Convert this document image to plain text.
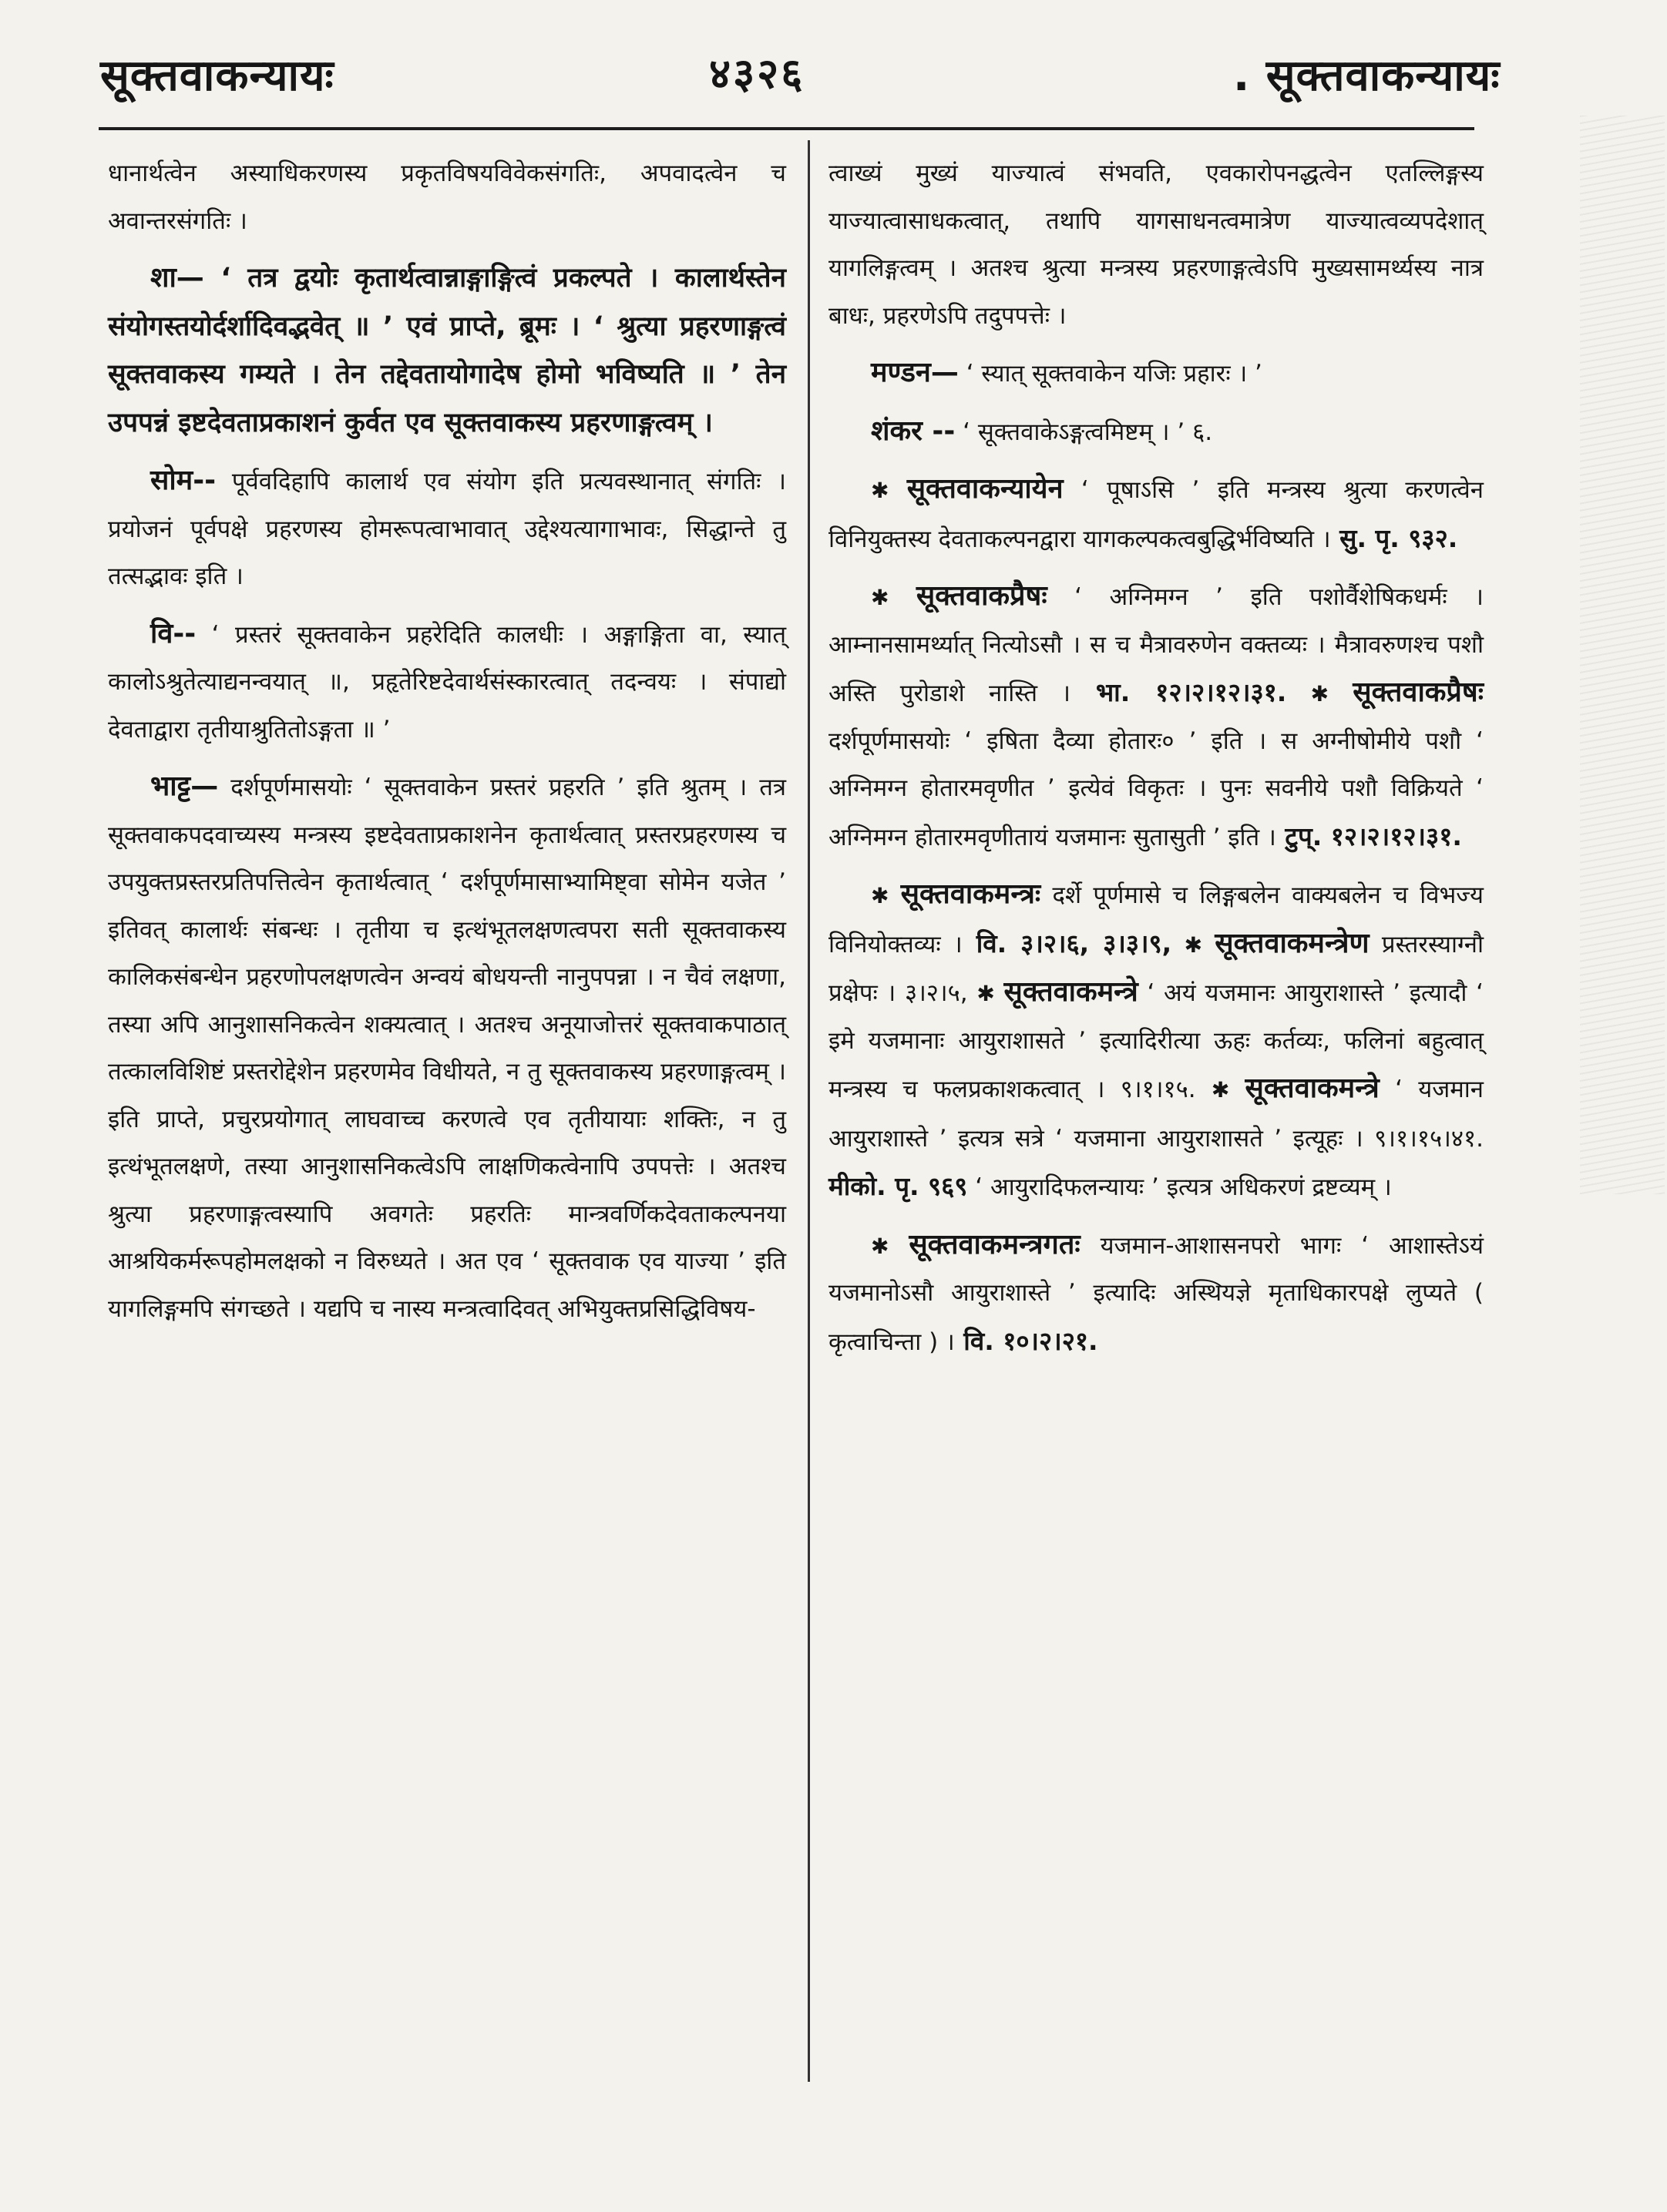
सूक्तवाकन्यायः	४३२६	. सूक्तवाकन्यायः

धानार्थत्वेन अस्याधिकरणस्य प्रकृतविषयविवेकसंगतिः, अपवादत्वेन च अवान्तरसंगतिः ।

शा— ‘ तत्र द्वयोः कृतार्थत्वान्नाङ्गाङ्गित्वं प्रकल्पते । कालार्थस्तेन संयोगस्तयोर्दर्शादिवद्भवेत् ॥ ’ एवं प्राप्ते, ब्रूमः । ‘ श्रुत्या प्रहरणाङ्गत्वं सूक्तवाकस्य गम्यते । तेन तद्देवतायोगादेष होमो भविष्यति ॥ ’ तेन उपपन्नं इष्टदेवताप्रकाशनं कुर्वत एव सूक्तवाकस्य प्रहरणाङ्गत्वम् ।

सोम-- पूर्ववदिहापि कालार्थ एव संयोग इति प्रत्यवस्थानात् संगतिः । प्रयोजनं पूर्वपक्षे प्रहरणस्य होमरूपत्वाभावात् उद्देश्यत्यागाभावः, सिद्धान्ते तु तत्सद्भावः इति ।

वि-- ‘ प्रस्तरं सूक्तवाकेन प्रहरेदिति कालधीः । अङ्गाङ्गिता वा, स्यात् कालोऽश्रुतेत्याद्यनन्वयात् ॥, प्रहृतेरिष्टदेवार्थसंस्कारत्वात् तदन्वयः । संपाद्यो देवताद्वारा तृतीयाश्रुतितोऽङ्गता ॥ ’

भाट्ट— दर्शपूर्णमासयोः ‘ सूक्तवाकेन प्रस्तरं प्रहरति ’ इति श्रुतम् । तत्र सूक्तवाकपदवाच्यस्य मन्त्रस्य इष्टदेवताप्रकाशनेन कृतार्थत्वात् प्रस्तरप्रहरणस्य च उपयुक्तप्रस्तरप्रतिपत्तित्वेन कृतार्थत्वात् ‘ दर्शपूर्णमासाभ्यामिष्ट्वा सोमेन यजेत ’ इतिवत् कालार्थः संबन्धः । तृतीया च इत्थंभूतलक्षणत्वपरा सती सूक्तवाकस्य कालिकसंबन्धेन प्रहरणोपलक्षणत्वेन अन्वयं बोधयन्ती नानुपपन्ना । न चैवं लक्षणा, तस्या अपि आनुशासनिकत्वेन शक्यत्वात् । अतश्च अनूयाजोत्तरं सूक्तवाकपाठात् तत्कालविशिष्टं प्रस्तरोद्देशेन प्रहरणमेव विधीयते, न तु सूक्तवाकस्य प्रहरणाङ्गत्वम् । इति प्राप्ते, प्रचुरप्रयोगात् लाघवाच्च करणत्वे एव तृतीयायाः शक्तिः, न तु इत्थंभूतलक्षणे, तस्या आनुशासनिकत्वेऽपि लाक्षणिकत्वेनापि उपपत्तेः । अतश्च श्रुत्या प्रहरणाङ्गत्वस्यापि अवगतेः प्रहरतिः मान्त्रवर्णिकदेवताकल्पनया आश्रयिकर्मरूपहोमलक्षको न विरुध्यते । अत एव ‘ सूक्तवाक एव याज्या ’ इति यागलिङ्गमपि संगच्छते । यद्यपि च नास्य मन्त्रत्वादिवत् अभियुक्तप्रसिद्धिविषय-

त्वाख्यं मुख्यं याज्यात्वं संभवति, एवकारोपनद्धत्वेन एतल्लिङ्गस्य याज्यात्वासाधकत्वात्, तथापि यागसाधनत्वमात्रेण याज्यात्वव्यपदेशात् यागलिङ्गत्वम् । अतश्च श्रुत्या मन्त्रस्य प्रहरणाङ्गत्वेऽपि मुख्यसामर्थ्यस्य नात्र बाधः, प्रहरणेऽपि तदुपपत्तेः ।

मण्डन— ‘ स्यात् सूक्तवाकेन यजिः प्रहारः । ’

शंकर -- ‘ सूक्तवाकेऽङ्गत्वमिष्टम् । ’ ६.

✱ सूक्तवाकन्यायेन ‘ पूषाऽसि ’ इति मन्त्रस्य श्रुत्या करणत्वेन विनियुक्तस्य देवताकल्पनद्वारा यागकल्पकत्वबुद्धिर्भविष्यति । सु. पृ. ९३२.

✱ सूक्तवाकप्रैषः ‘ अग्निमग्न ’ इति पशोर्वैशेषिकधर्मः । आम्नानसामर्थ्यात् नित्योऽसौ । स च मैत्रावरुणेन वक्तव्यः । मैत्रावरुणश्च पशौ अस्ति पुरोडाशे नास्ति । भा. १२।२।१२।३१. ✱ सूक्तवाकप्रैषः दर्शपूर्णमासयोः ‘ इषिता दैव्या होतारः० ’ इति । स अग्नीषोमीये पशौ ‘ अग्निमग्न होतारमवृणीत ’ इत्येवं विकृतः । पुनः सवनीये पशौ विक्रियते ‘ अग्निमग्न होतारमवृणीतायं यजमानः सुतासुती ’ इति । टुप्. १२।२।१२।३१.

✱ सूक्तवाकमन्त्रः दर्शे पूर्णमासे च लिङ्गबलेन वाक्यबलेन च विभज्य विनियोक्तव्यः । वि. ३।२।६, ३।३।९, ✱ सूक्तवाकमन्त्रेण प्रस्तरस्याग्नौ प्रक्षेपः । ३।२।५, ✱ सूक्तवाकमन्त्रे ‘ अयं यजमानः आयुराशास्ते ’ इत्यादौ ‘ इमे यजमानाः आयुराशासते ’ इत्यादिरीत्या ऊहः कर्तव्यः, फलिनां बहुत्वात् मन्त्रस्य च फलप्रकाशकत्वात् । ९।१।१५. ✱ सूक्तवाकमन्त्रे ‘ यजमान आयुराशास्ते ’ इत्यत्र सत्रे ‘ यजमाना आयुराशासते ’ इत्यूहः । ९।१।१५।४१. मीको. पृ. ९६९ ‘ आयुरादिफलन्यायः ’ इत्यत्र अधिकरणं द्रष्टव्यम् ।

✱ सूक्तवाकमन्त्रगतः यजमान-आशासनपरो भागः ‘ आशास्तेऽयं यजमानोऽसौ आयुराशास्ते ’ इत्यादिः अस्थियज्ञे मृताधिकारपक्षे लुप्यते ( कृत्वाचिन्ता ) । वि. १०।२।२१.
